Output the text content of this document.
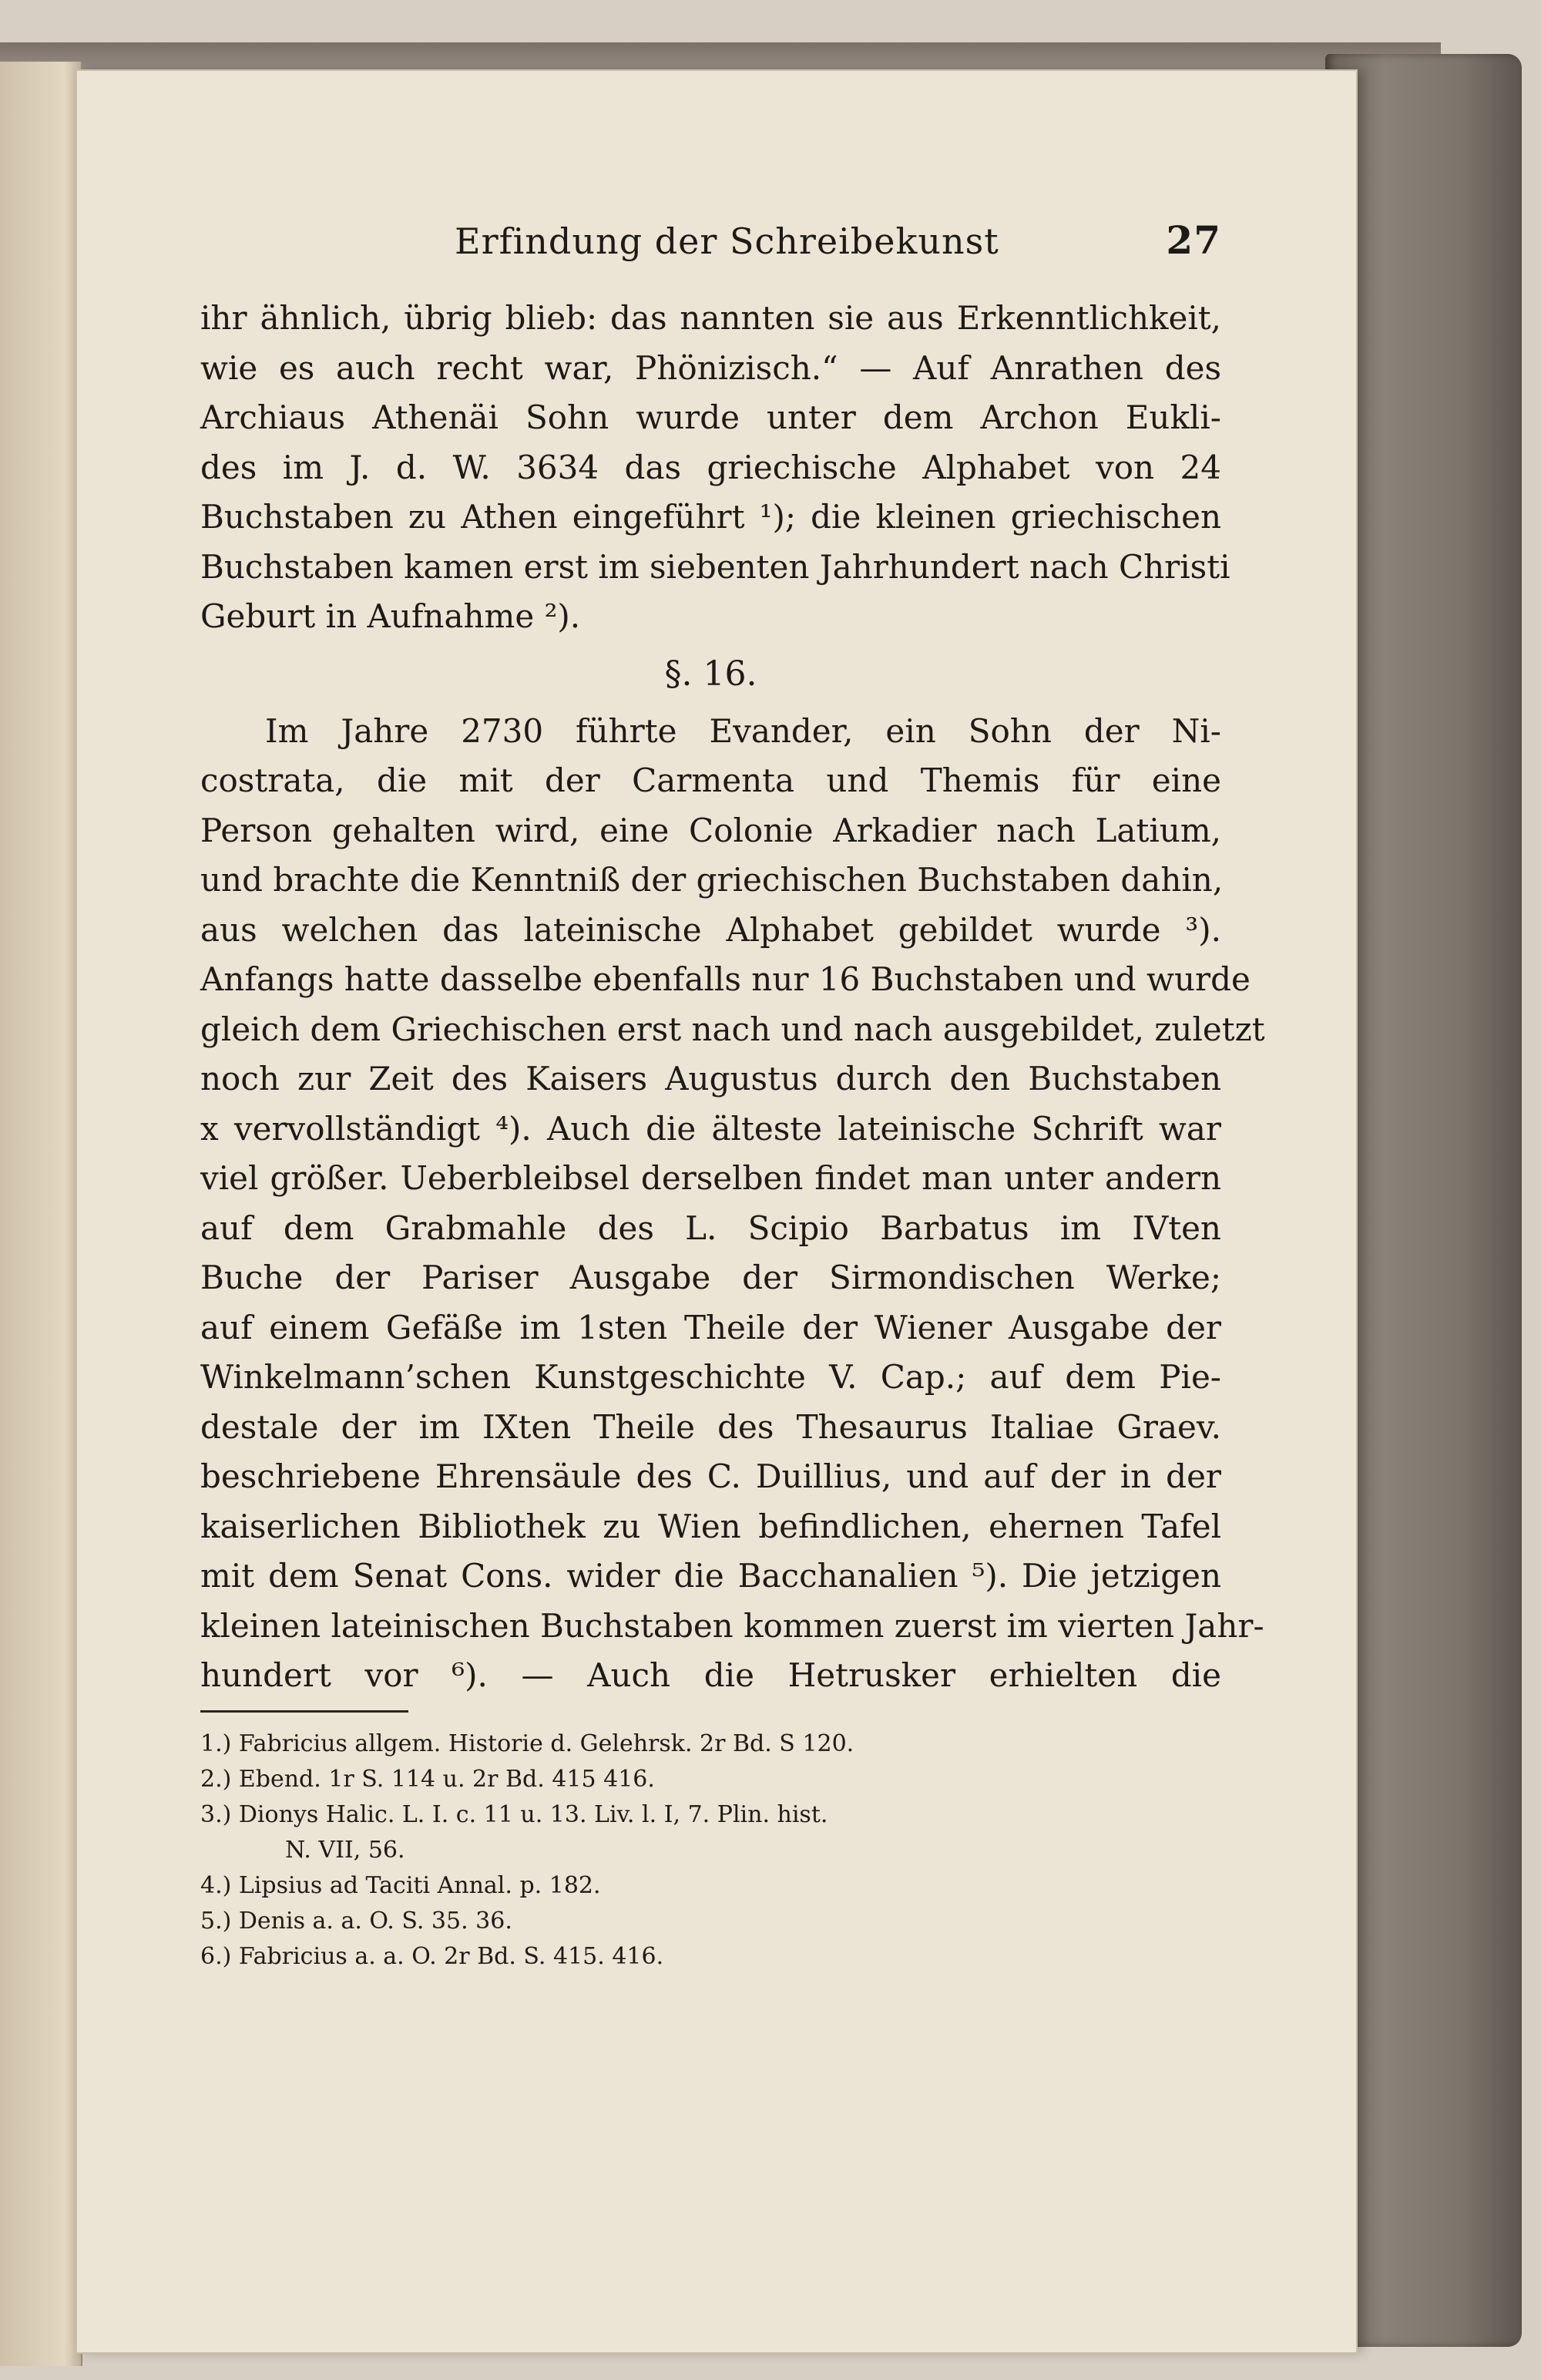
Erfindung der Schreibekunst	27
ihr ähnlich, übrig blieb: das nannten sie aus Erkenntlichkeit,
wie es auch recht war, Phönizisch.“ — Auf Anrathen des
Archiaus Athenäi Sohn wurde unter dem Archon Eukli-
des im J. d. W. 3634 das griechische Alphabet von 24
Buchstaben zu Athen eingeführt ¹); die kleinen griechischen
Buchstaben kamen erst im siebenten Jahrhundert nach Christi
Geburt in Aufnahme ²).
§. 16.
Im Jahre 2730 führte Evander, ein Sohn der Ni-
costrata, die mit der Carmenta und Themis für eine
Person gehalten wird, eine Colonie Arkadier nach Latium,
und brachte die Kenntniß der griechischen Buchstaben dahin,
aus welchen das lateinische Alphabet gebildet wurde ³).
Anfangs hatte dasselbe ebenfalls nur 16 Buchstaben und wurde
gleich dem Griechischen erst nach und nach ausgebildet, zuletzt
noch zur Zeit des Kaisers Augustus durch den Buchstaben
x vervollständigt ⁴). Auch die älteste lateinische Schrift war
viel größer. Ueberbleibsel derselben findet man unter andern
auf dem Grabmahle des L. Scipio Barbatus im IVten
Buche der Pariser Ausgabe der Sirmondischen Werke;
auf einem Gefäße im 1sten Theile der Wiener Ausgabe der
Winkelmann’schen Kunstgeschichte V. Cap.; auf dem Pie-
destale der im IXten Theile des Thesaurus Italiae Graev.
beschriebene Ehrensäule des C. Duillius, und auf der in der
kaiserlichen Bibliothek zu Wien befindlichen, ehernen Tafel
mit dem Senat Cons. wider die Bacchanalien ⁵). Die jetzigen
kleinen lateinischen Buchstaben kommen zuerst im vierten Jahr-
hundert vor ⁶). — Auch die Hetrusker erhielten die
1.) Fabricius allgem. Historie d. Gelehrsk. 2r Bd. S 120.
2.) Ebend. 1r S. 114 u. 2r Bd. 415 416.
3.) Dionys Halic. L. I. c. 11 u. 13. Liv. l. I, 7. Plin. hist.
N. VII, 56.
4.) Lipsius ad Taciti Annal. p. 182.
5.) Denis a. a. O. S. 35. 36.
6.) Fabricius a. a. O. 2r Bd. S. 415. 416.
